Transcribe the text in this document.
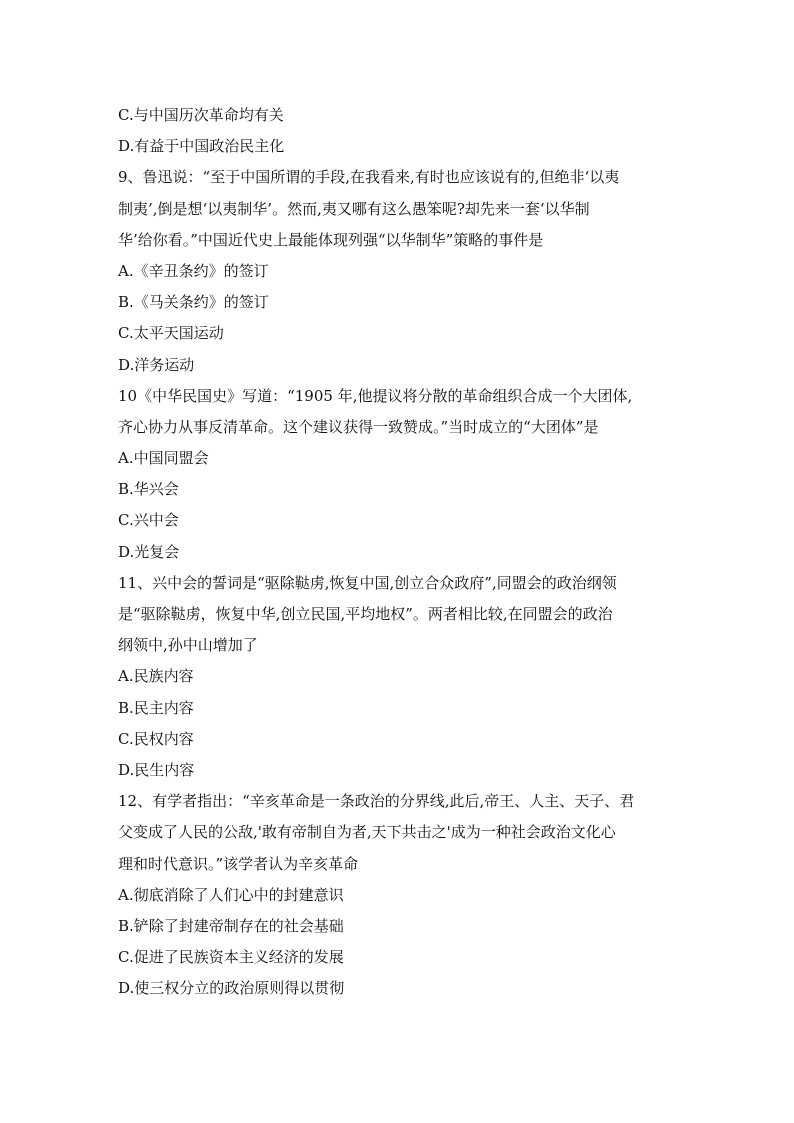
C.与中国历次革命均有关
D.有益于中国政治民主化
9、鲁迅说：“至于中国所谓的手段,在我看来,有时也应该说有的,但绝非‘以夷
制夷’,倒是想‘以夷制华’。然而,夷又哪有这么愚笨呢?却先来一套‘以华制
华’给你看。”中国近代史上最能体现列强“以华制华”策略的事件是
A.《辛丑条约》的签订
B.《马关条约》的签订
C.太平天国运动
D.洋务运动
10《中华民国史》写道：“1905 年,他提议将分散的革命组织合成一个大团体,
齐心协力从事反清革命。这个建议获得一致赞成。”当时成立的“大团体”是
A.中国同盟会
B.华兴会
C.兴中会
D.光复会
11、兴中会的誓词是“驱除鞑虏,恢复中国,创立合众政府”,同盟会的政治纲领
是“驱除鞑虏，恢复中华,创立民国,平均地权”。两者相比较,在同盟会的政治
纲领中,孙中山增加了
A.民族内容
B.民主内容
C.民权内容
D.民生内容
12、有学者指出：“辛亥革命是一条政治的分界线,此后,帝王、人主、天子、君
父变成了人民的公敌,'敢有帝制自为者,天下共击之'成为一种社会政治文化心
理和时代意识。”该学者认为辛亥革命
A.彻底消除了人们心中的封建意识
B.铲除了封建帝制存在的社会基础
C.促进了民族资本主义经济的发展
D.使三权分立的政治原则得以贯彻
